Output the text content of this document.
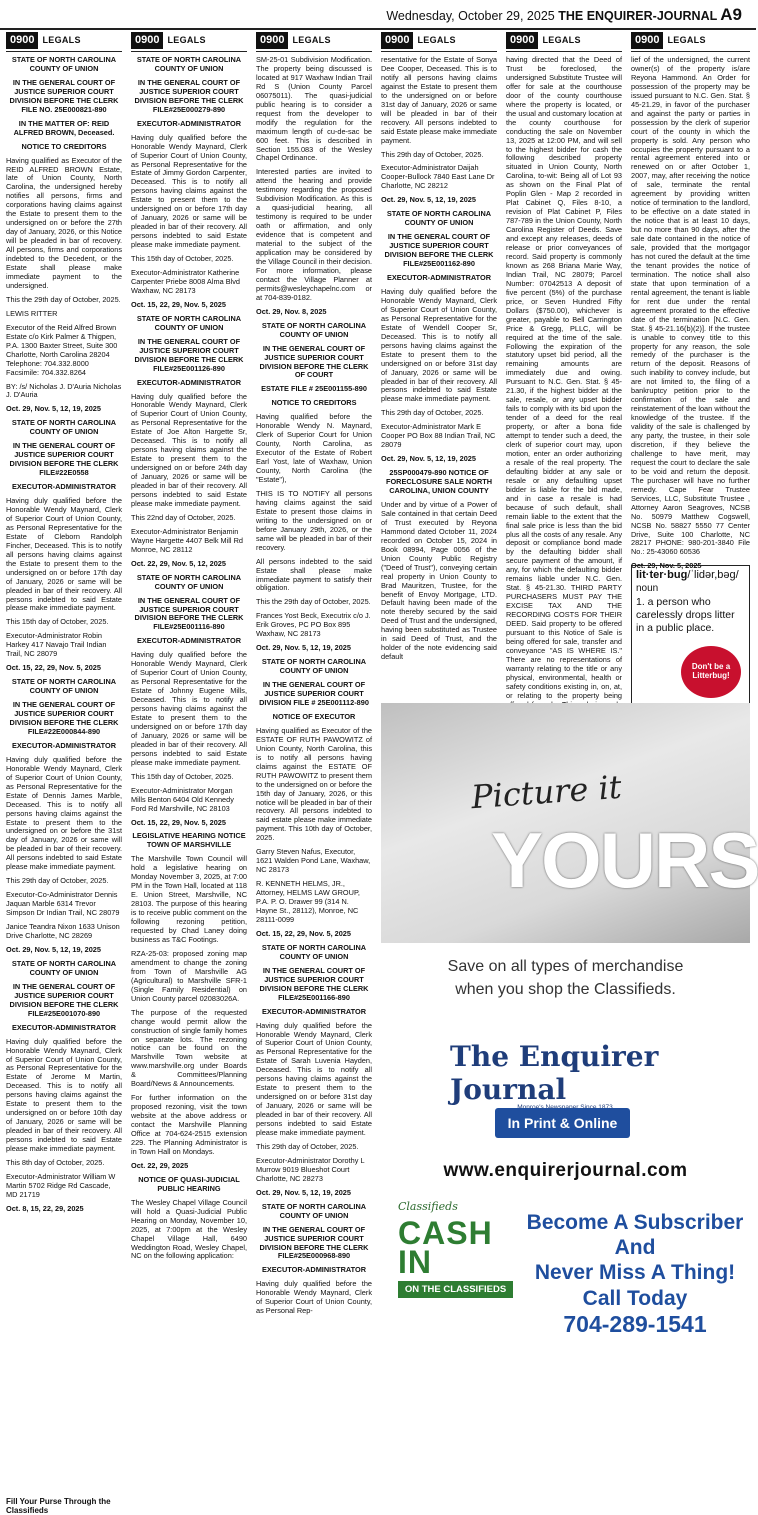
Wednesday, October 29, 2025 THE ENQUIRER-JOURNAL A9
0900 LEGALS

STATE OF NORTH CAROLINA COUNTY OF UNION

IN THE GENERAL COURT OF JUSTICE SUPERIOR COURT DIVISION BEFORE THE CLERK FILE NO. 25E000821-890

IN THE MATTER OF: REID ALFRED BROWN, Deceased.

NOTICE TO CREDITORS

Having qualified as Executor of the REID ALFRED BROWN Estate, late of Union County, North Carolina, the undersigned hereby notifies all persons, firms and corporations having claims against the Estate to present them to the undersigned on or before the 27th day of January, 2026, or this Notice will be pleaded in bar of recovery. All persons, firms and corporations indebted to the Decedent, or the Estate shall please make immediate payment to the undersigned.

This the 29th day of October, 2025.

LEWIS RITTER

Executor of the Reid Alfred Brown Estate c/o Kirk Palmer & Thigpen, P.A. 1300 Baxter Street, Suite 300 Charlotte, North Carolina 28204 Telephone: 704.332.8000 Facsimile: 704.332.8264

BY: /s/ Nicholas J. D'Auria Nicholas J. D'Auria

Oct. 29, Nov. 5, 12, 19, 2025

STATE OF NORTH CAROLINA COUNTY OF UNION

IN THE GENERAL COURT OF JUSTICE SUPERIOR COURT DIVISION BEFORE THE CLERK FILE#22E0558

EXECUTOR-ADMINISTRATOR

Having duly qualified before the Honorable Wendy Maynard, Clerk of Superior Court of Union County, as Personal Representative for the Estate of Cleborn Randolph Fincher, Deceased. This is to notify all persons having claims against the Estate to present them to the undersigned on or before 17th day of January, 2026 or same will be pleaded in bar of their recovery. All persons indebted to said Estate please make immediate payment.

This 15th day of October, 2025.

Executor-Administrator Robin Harkey 417 Navajo Trail Indian Trail, NC 28079

Oct. 15, 22, 29, Nov. 5, 2025

STATE OF NORTH CAROLINA COUNTY OF UNION

IN THE GENERAL COURT OF JUSTICE SUPERIOR COURT DIVISION BEFORE THE CLERK FILE#22E000844-890

EXECUTOR-ADMINISTRATOR

Having duly qualified before the Honorable Wendy Maynard, Clerk of Superior Court of Union County, as Personal Representative for the Estate of Dennis James Marble, Deceased. This is to notify all persons having claims against the Estate to present them to the undersigned on or before the 31st day of January, 2026 or same will be pleaded in bar of their recovery. All persons indebted to said Estate please make immediate payment.

This 29th day of October, 2025.

Executor-Co-Administrator Dennis Jaquan Marble 6314 Trevor Simpson Dr Indian Trail, NC 28079

Janice Teandra Nixon 1633 Unison Drive Charlotte, NC 28269

Oct. 29, Nov. 5, 12, 19, 2025

STATE OF NORTH CAROLINA COUNTY OF UNION

IN THE GENERAL COURT OF JUSTICE SUPERIOR COURT DIVISION BEFORE THE CLERK FILE#25E001070-890

EXECUTOR-ADMINISTRATOR

Having duly qualified before the Honorable Wendy Maynard, Clerk of Superior Court of Union County, as Personal Representative for the Estate of Jerome M Martin, Deceased. This is to notify all persons having claims against the Estate to present them to the undersigned on or before 10th day of January, 2026 or same will be pleaded in bar of their recovery. All persons indebted to said Estate please make immediate payment.

This 8th day of October, 2025.

Executor-Administrator William W Martin 5702 Ridge Rd Cascade, MD 21719

Oct. 8, 15, 22, 29, 2025

0900 LEGALS

STATE OF NORTH CAROLINA COUNTY OF UNION

IN THE GENERAL COURT OF JUSTICE SUPERIOR COURT DIVISION BEFORE THE CLERK FILE#25E000279-890

EXECUTOR-ADMINISTRATOR

Having duly qualified before the Honorable Wendy Maynard, Clerk of Superior Court of Union County, as Personal Representative for the Estate of Jimmy Gordon Carpenter, Deceased. This is to notify all persons having claims against the Estate to present them to the undersigned on or before 17th day of January, 2026 or same will be pleaded in bar of their recovery. All persons indebted to said Estate please make immediate payment.

This 15th day of October, 2025.

Executor-Administrator Katherine Carpenter Priebe 8008 Alma Blvd Waxhaw, NC 28173

Oct. 15, 22, 29, Nov. 5, 2025

STATE OF NORTH CAROLINA COUNTY OF UNION

IN THE GENERAL COURT OF JUSTICE SUPERIOR COURT DIVISION BEFORE THE CLERK FILE#25E001126-890

EXECUTOR-ADMINISTRATOR

Having duly qualified before the Honorable Wendy Maynard, Clerk of Superior Court of Union County, as Personal Representative for the Estate of Joe Alton Hargette Sr, Deceased. This is to notify all persons having claims against the Estate to present them to the undersigned on or before 24th day of January, 2026 or same will be pleaded in bar of their recovery. All persons indebted to said Estate please make immediate payment.

This 22nd day of October, 2025.

Executor-Administrator Benjamin Wayne Hargette 4407 Belk Mill Rd Monroe, NC 28112

Oct. 22, 29, Nov. 5, 12, 2025

STATE OF NORTH CAROLINA COUNTY OF UNION

IN THE GENERAL COURT OF JUSTICE SUPERIOR COURT DIVISION BEFORE THE CLERK FILE#25E001116-890

EXECUTOR-ADMINISTRATOR

Having duly qualified before the Honorable Wendy Maynard, Clerk of Superior Court of Union County, as Personal Representative for the Estate of Johnny Eugene Mills, Deceased. This is to notify all persons having claims against the Estate to present them to the undersigned on or before 17th day of January, 2026 or same will be pleaded in bar of their recovery. All persons indebted to said Estate please make immediate payment.

This 15th day of October, 2025.

Executor-Administrator Morgan Mills Benton 6404 Old Kennedy Ford Rd Marshville, NC 28103

Oct. 15, 22, 29, Nov. 5, 2025

LEGISLATIVE HEARING NOTICE TOWN OF MARSHVILLE

The Marshville Town Council will hold a legislative hearing on Monday November 3, 2025, at 7:00 PM in the Town Hall, located at 118 E. Union Street, Marshville, NC 28103. The purpose of this hearing is to receive public comment on the following rezoning petition, requested by Chad Laney doing business as T&C Footings.

RZA-25-03: proposed zoning map amendment to change the zoning from Town of Marshville AG (Agricultural) to Marshville SFR-1 (Single Family Residential) on Union County parcel 02083026A.

The purpose of the requested change would permit allow the construction of single family homes on separate lots. The rezoning notice can be found on the Marshville Town website at www.marshville.org under Boards & Committees/Planning Board/News & Announcements.

For further information on the proposed rezoning, visit the town website at the above address or contact the Marshville Planning Office at 704-624-2515 extension 229. The Planning Administrator is in Town Hall on Mondays.

Oct. 22, 29, 2025

NOTICE OF QUASI-JUDICIAL PUBLIC HEARING

The Wesley Chapel Village Council will hold a Quasi-Judicial Public Hearing on Monday, November 10, 2025, at 7:00pm at the Wesley Chapel Village Hall, 6490 Weddington Road, Wesley Chapel, NC on the following application:

0900 LEGALS

SM-25-01 Subdivision Modification. The property being discussed is located at 917 Waxhaw Indian Trail Rd S (Union County Parcel 06075011). The quasi-judicial public hearing is to consider a request from the developer to modify the regulation for the maximum length of cu-de-sac be 600 feet. This is described in Section 155.083 of the Wesley Chapel Ordinance.

Interested parties are invited to attend the hearing and provide testimony regarding the proposed Subdivision Modification. As this is a quasi-judicial hearing, all testimony is required to be under oath or affirmation, and only evidence that is competent and material to the subject of the application may be considered by the Village Council in their decision. For more information, please contact the Village Planner at permits@wesleychapelnc.com or at 704-839-0182.

Oct. 29, Nov. 8, 2025

STATE OF NORTH CAROLINA COUNTY OF UNION

IN THE GENERAL COURT OF JUSTICE SUPERIOR COURT DIVISION BEFORE THE CLERK OF COURT

ESTATE FILE # 25E001155-890

NOTICE TO CREDITORS

Having qualified before the Honorable Wendy N. Maynard, Clerk of Superior Court for Union County, North Carolina, as Executor of the Estate of Robert Earl Yost, late of Waxhaw, Union County, North Carolina (the "Estate"),

THIS IS TO NOTIFY all persons having claims against the said Estate to present those claims in writing to the undersigned on or before January 29th, 2026, or the same will be pleaded in bar of their recovery.

All persons indebted to the said Estate shall please make immediate payment to satisfy their obligation.

This the 29th day of October, 2025.

Frances Yost Beck, Executrix c/o J. Erik Groves, PC PO Box 895 Waxhaw, NC 28173

Oct. 29, Nov. 5, 12, 19, 2025

STATE OF NORTH CAROLINA COUNTY OF UNION

IN THE GENERAL COURT OF JUSTICE SUPERIOR COURT DIVISION FILE # 25E001112-890

NOTICE OF EXECUTOR

Having qualified as Executor of the ESTATE OF RUTH PAWOWITZ of Union County, North Carolina, this is to notify all persons having claims against the ESTATE OF RUTH PAWOWITZ to present them to the undersigned on or before the 15th day of January, 2026, or this notice will be pleaded in bar of their recovery. All persons indebted to said estate please make immediate payment. This 10th day of October, 2025.

Garry Steven Nafus, Executor, 1621 Walden Pond Lane, Waxhaw, NC 28173

R. KENNETH HELMS, JR., Attorney, HELMS LAW GROUP, P.A. P. O. Drawer 99 (314 N. Hayne St., 28112), Monroe, NC 28111-0099

Oct. 15, 22, 29, Nov. 5, 2025

STATE OF NORTH CAROLINA COUNTY OF UNION

IN THE GENERAL COURT OF JUSTICE SUPERIOR COURT DIVISION BEFORE THE CLERK FILE#25E001166-890

EXECUTOR-ADMINISTRATOR

Having duly qualified before the Honorable Wendy Maynard, Clerk of Superior Court of Union County, as Personal Representative for the Estate of Sarah Luvenia Hayden, Deceased. This is to notify all persons having claims against the Estate to present them to the undersigned on or before 31st day of January, 2026 or same will be pleaded in bar of their recovery. All persons indebted to said Estate please make immediate payment.

This 29th day of October, 2025.

Executor-Administrator Dorothy L Murrow 9019 Blueshot Court Charlotte, NC 28273

Oct. 29, Nov. 5, 12, 19, 2025

STATE OF NORTH CAROLINA COUNTY OF UNION

IN THE GENERAL COURT OF JUSTICE SUPERIOR COURT DIVISION BEFORE THE CLERK FILE#25E000968-890

EXECUTOR-ADMINISTRATOR

Having duly qualified before the Honorable Wendy Maynard, Clerk of Superior Court of Union County, as Personal Rep-

0900 LEGALS

resentative for the Estate of Sonya Dee Cooper, Deceased. This is to notify all persons having claims against the Estate to present them to the undersigned on or before 31st day of January, 2026 or same will be pleaded in bar of their recovery. All persons indebted to said Estate please make immediate payment.

This 29th day of October, 2025.

Executor-Administrator Daijah Cooper-Bullock 7840 East Lane Dr Charlotte, NC 28212

Oct. 29, Nov. 5, 12, 19, 2025

STATE OF NORTH CAROLINA COUNTY OF UNION

IN THE GENERAL COURT OF JUSTICE SUPERIOR COURT DIVISION BEFORE THE CLERK FILE#25E001162-890

EXECUTOR-ADMINISTRATOR

Having duly qualified before the Honorable Wendy Maynard, Clerk of Superior Court of Union County, as Personal Representative for the Estate of Wendell Cooper Sr, Deceased. This is to notify all persons having claims against the Estate to present them to the undersigned on or before 31st day of January, 2026 or same will be pleaded in bar of their recovery. All persons indebted to said Estate please make immediate payment.

This 29th day of October, 2025.

Executor-Administrator Mark E Cooper PO Box 88 Indian Trail, NC 28079

Oct. 29, Nov. 5, 12, 19, 2025

25SP000479-890 NOTICE OF FORECLOSURE SALE NORTH CAROLINA, UNION COUNTY

Under and by virtue of a Power of Sale contained in that certain Deed of Trust executed by Reyona Hammond dated October 11, 2024 recorded on October 15, 2024 in Book 08994, Page 0056 of the Union County Public Registry ("Deed of Trust"), conveying certain real property in Union County to Brad Mauritzen, Trustee, for the benefit of Envoy Mortgage, LTD. Default having been made of the note thereby secured by the said Deed of Trust and the undersigned, having been substituted as Trustee in said Deed of Trust, and the holder of the note evidencing said default

0900 LEGALS

having directed that the Deed of Trust be foreclosed, the undersigned Substitute Trustee will offer for sale at the courthouse door of the county courthouse where the property is located, or the usual and customary location at the county courthouse for conducting the sale on November 13, 2025 at 12:00 PM, and will sell to the highest bidder for cash the following described property situated in Union County, North Carolina, to-wit: Being all of Lot 93 as shown on the Final Plat of Poplin Glen - Map 2 recorded in Plat Cabinet Q, Files 8-10, a revision of Plat Cabinet P, Files 787-789 in the Union County, North Carolina Register of Deeds. Save and except any releases, deeds of release or prior conveyances of record. Said property is commonly known as 268 Briana Marie Way, Indian Trail, NC 28079; Parcel Number: 07042513 A deposit of five percent (5%) of the purchase price, or Seven Hundred Fifty Dollars ($750.00), whichever is greater, payable to Bell Carrington Price & Gregg, PLLC, will be required at the time of the sale. Following the expiration of the statutory upset bid period, all the remaining amounts are immediately due and owing. Pursuant to N.C. Gen. Stat. § 45-21.30, if the highest bidder at the sale, resale, or any upset bidder fails to comply with its bid upon the tender of a deed for the real property, or after a bona fide attempt to tender such a deed, the clerk of superior court may, upon motion, enter an order authorizing a resale of the real property. The defaulting bidder at any sale or resale or any defaulting upset bidder is liable for the bid made, and in case a resale is had because of such default, shall remain liable to the extent that the final sale price is less than the bid plus all the costs of any resale. Any deposit or compliance bond made by the defaulting bidder shall secure payment of the amount, if any, for which the defaulting bidder remains liable under N.C. Gen. Stat. § 45-21.30. THIRD PARTY PURCHASERS MUST PAY THE EXCISE TAX AND THE RECORDING COSTS FOR THEIR DEED. Said property to be offered pursuant to this Notice of Sale is being offered for sale, transfer and conveyance "AS IS WHERE IS." There are no representations of warranty relating to the title or any physical, environmental, health or safety conditions existing in, on, at, or relating to the property being

0900 LEGALS

lief of the undersigned, the current owner(s) of the property is/are Reyona Hammond. An Order for possession of the property may be issued pursuant to N.C. Gen. Stat. § 45-21.29, in favor of the purchaser and against the party or parties in possession by the clerk of superior court of the county in which the property is sold. Any person who occupies the property pursuant to a rental agreement entered into or renewed on or after October 1, 2007, may, after receiving the notice of sale, terminate the rental agreement by providing written notice of termination to the landlord, to be effective on a date stated in the notice that is at least 10 days, but no more than 90 days, after the sale date contained in the notice of sale, provided that the mortgagor has not cured the default at the time the tenant provides the notice of termination. The notice shall also state that upon termination of a rental agreement, the tenant is liable for rent due under the rental agreement prorated to the effective date of the termination [N.C. Gen. Stat. § 45-21.16(b)(2)]. If the trustee is unable to convey title to this property for any reason, the sole remedy of the purchaser is the return of the deposit. Reasons of such inability to convey include, but are not limited to, the filing of a bankruptcy petition prior to the confirmation of the sale and reinstatement of the loan without the knowledge of the trustee. If the validity of the sale is challenged by any party, the trustee, in their sole discretion, if they believe the challenge to have merit, may request the court to declare the sale to be void and return the deposit. The purchaser will have no further remedy. Cape Fear Trustee Services, LLC, Substitute Trustee , Attorney Aaron Seagroves, NCSB No. 50979 Matthew Cogswell, NCSB No. 58827 5550 77 Center Drive, Suite 100 Charlotte, NC 28217 PHONE: 980-201-3840 File No.: 25-43060 60536

Oct. 29, Nov. 5, 2025

lit·ter·bug/ˈlidər,bəɡ/
noun
1. a person who carelessly drops litter in a public place.
Don't be a Litterbug!
Fill Your Purse Through the Classifieds
Picture it
YOURS
Save on all types of merchandise
when you shop the Classifieds.
The Enquirer Journal
In Print & Online
www.enquirerjournal.com
Classifieds
CASH
IN
ON THE CLASSIFIEDS
Become A Subscriber And
Never Miss A Thing!
Call Today
704-289-1541
